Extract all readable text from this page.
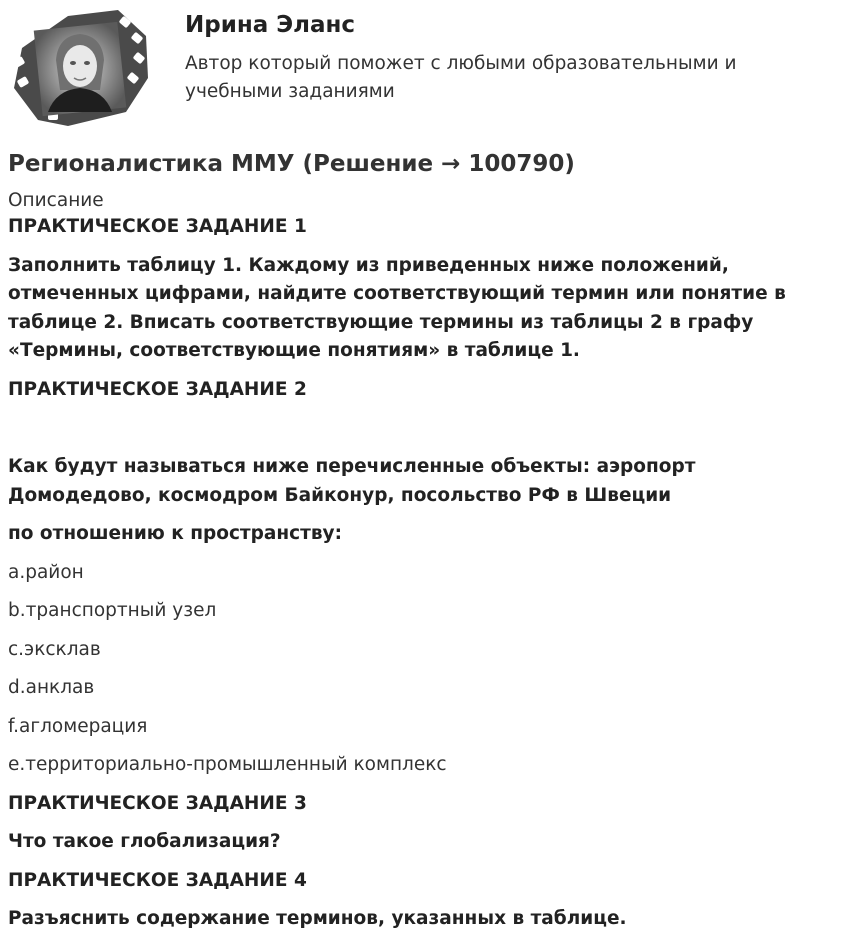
Ирина Эланс
Автор который поможет с любыми образовательными и учебными заданиями
Регионалистика ММУ (Решение → 100790)
Описание

ПРАКТИЧЕСКОЕ ЗАДАНИЕ 1

Заполнить таблицу 1. Каждому из приведенных ниже положений, отмеченных цифрами, найдите соответствующий термин или понятие в таблице 2. Вписать соответствующие термины из таблицы 2 в графу «Термины, соответствующие понятиям» в таблице 1.

ПРАКТИЧЕСКОЕ ЗАДАНИЕ 2

Как будут называться ниже перечисленные объекты: аэропорт Домодедово, космодром Байконур, посольство РФ в Швеции

по отношению к пространству:

a.район

b.транспортный узел

c.эксклав

d.анклав

f.агломерация

e.территориально-промышленный комплекс

ПРАКТИЧЕСКОЕ ЗАДАНИЕ 3

Что такое глобализация?

ПРАКТИЧЕСКОЕ ЗАДАНИЕ 4

Разъяснить содержание терминов, указанных в таблице.
